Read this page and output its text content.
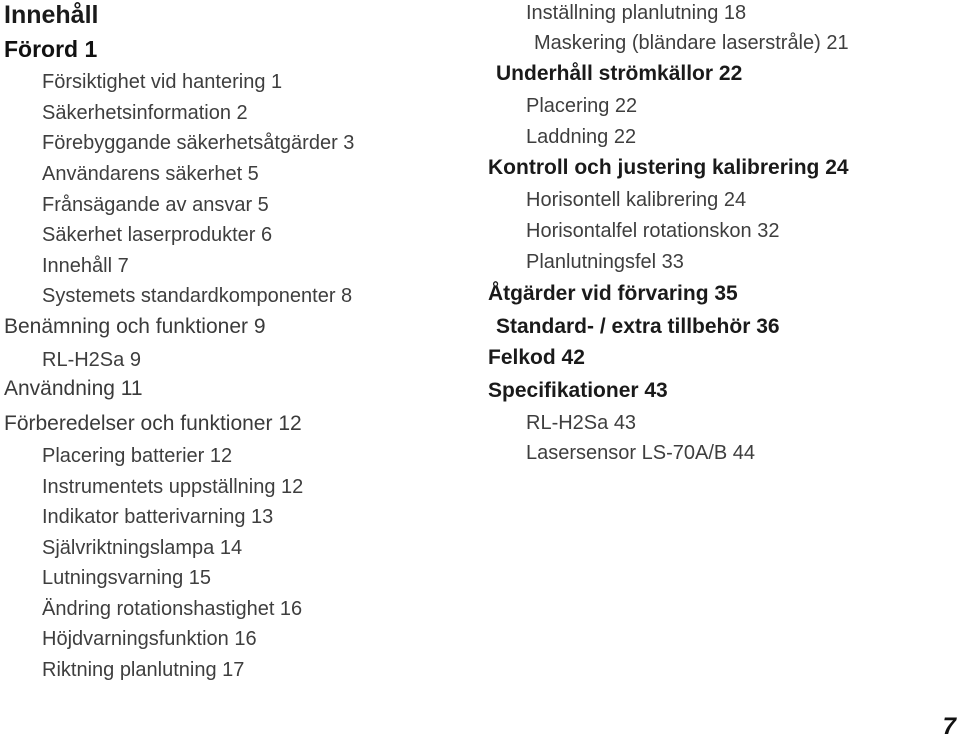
Innehåll
Förord 1
Försiktighet vid hantering 1
Säkerhetsinformation 2
Förebyggande säkerhetsåtgärder 3
Användarens säkerhet 5
Frånsägande av ansvar 5
Säkerhet laserprodukter 6
Innehåll 7
Systemets standardkomponenter 8
Benämning och funktioner 9
RL-H2Sa 9
Användning 11
Förberedelser och funktioner 12
Placering batterier 12
Instrumentets uppställning 12
Indikator batterivarning 13
Självriktningslampa 14
Lutningsvarning 15
Ändring rotationshastighet 16
Höjdvarningsfunktion 16
Riktning planlutning 17
Inställning planlutning 18
Maskering (bländare laserstråle) 21
Underhåll strömkällor 22
Placering 22
Laddning 22
Kontroll och justering kalibrering 24
Horisontell kalibrering 24
Horisontalfel rotationskon 32
Planlutningsfel 33
Åtgärder vid förvaring 35
Standard- / extra tillbehör 36
Felkod 42
Specifikationer 43
RL-H2Sa 43
Lasersensor LS-70A/B 44
7
